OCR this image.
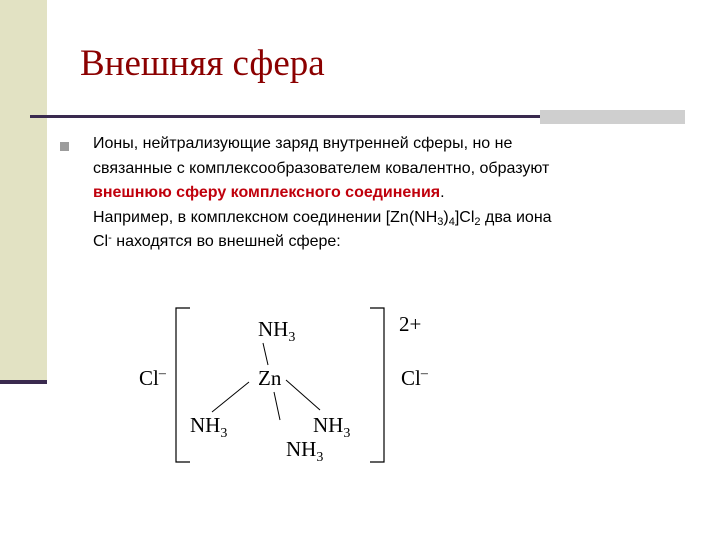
Внешняя сфера

Ионы, нейтрализующие заряд внутренней сферы, но не

связанные с комплексообразователем ковалентно, образуют

внешнюю сферу комплексного соединения.

Например, в комплексном соединении $[Zn(NH_3)_4]Cl_2$ два иона

Cl- находятся во внешней сфере:

$NH_3$
Zn
$NH_3$	$NH_3$
$NH_3$
2+
Cl–	Cl–
